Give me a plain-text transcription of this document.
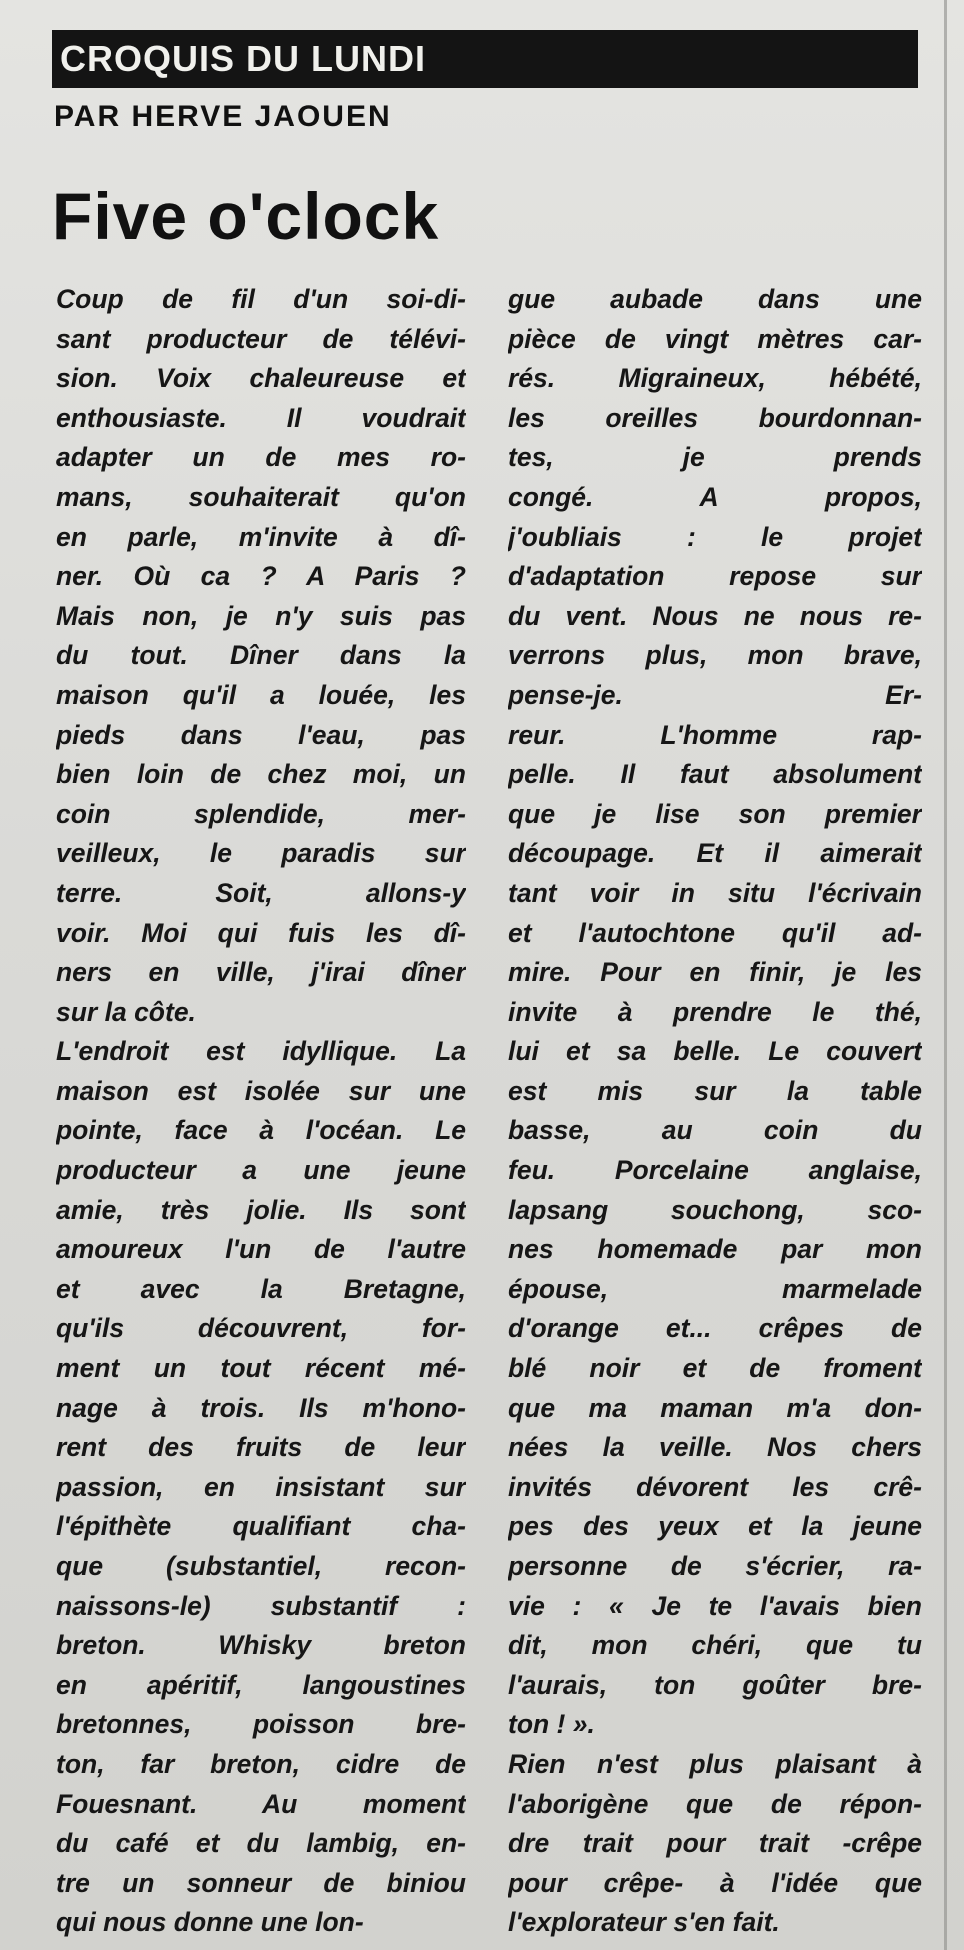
CROQUIS DU LUNDI
PAR HERVE JAOUEN
Five o'clock
Coup de fil d'un soi-di-
sant producteur de télévi-
sion. Voix chaleureuse et
enthousiaste. Il voudrait
adapter un de mes ro-
mans, souhaiterait qu'on
en parle, m'invite à dî-
ner. Où ca ? A Paris ?
Mais non, je n'y suis pas
du tout. Dîner dans la
maison qu'il a louée, les
pieds dans l'eau, pas
bien loin de chez moi, un
coin splendide, mer-
veilleux, le paradis sur
terre. Soit, allons-y
voir. Moi qui fuis les dî-
ners en ville, j'irai dîner
sur la côte.
L'endroit est idyllique. La
maison est isolée sur une
pointe, face à l'océan. Le
producteur a une jeune
amie, très jolie. Ils sont
amoureux l'un de l'autre
et avec la Bretagne,
qu'ils découvrent, for-
ment un tout récent mé-
nage à trois. Ils m'hono-
rent des fruits de leur
passion, en insistant sur
l'épithète qualifiant cha-
que (substantiel, recon-
naissons-le) substantif :
breton. Whisky breton
en apéritif, langoustines
bretonnes, poisson bre-
ton, far breton, cidre de
Fouesnant. Au moment
du café et du lambig, en-
tre un sonneur de biniou
qui nous donne une lon-
gue aubade dans une
pièce de vingt mètres car-
rés. Migraineux, hébété,
les oreilles bourdonnan-
tes, je prends
congé. A propos,
j'oubliais : le projet
d'adaptation repose sur
du vent. Nous ne nous re-
verrons plus, mon brave,
pense-je. Er-
reur. L'homme rap-
pelle. Il faut absolument
que je lise son premier
découpage. Et il aimerait
tant voir in situ l'écrivain
et l'autochtone qu'il ad-
mire. Pour en finir, je les
invite à prendre le thé,
lui et sa belle. Le couvert
est mis sur la table
basse, au coin du
feu. Porcelaine anglaise,
lapsang souchong, sco-
nes homemade par mon
épouse, marmelade
d'orange et... crêpes de
blé noir et de froment
que ma maman m'a don-
nées la veille. Nos chers
invités dévorent les crê-
pes des yeux et la jeune
personne de s'écrier, ra-
vie : « Je te l'avais bien
dit, mon chéri, que tu
l'aurais, ton goûter bre-
ton ! ».
Rien n'est plus plaisant à
l'aborigène que de répon-
dre trait pour trait -crêpe
pour crêpe- à l'idée que
l'explorateur s'en fait.
